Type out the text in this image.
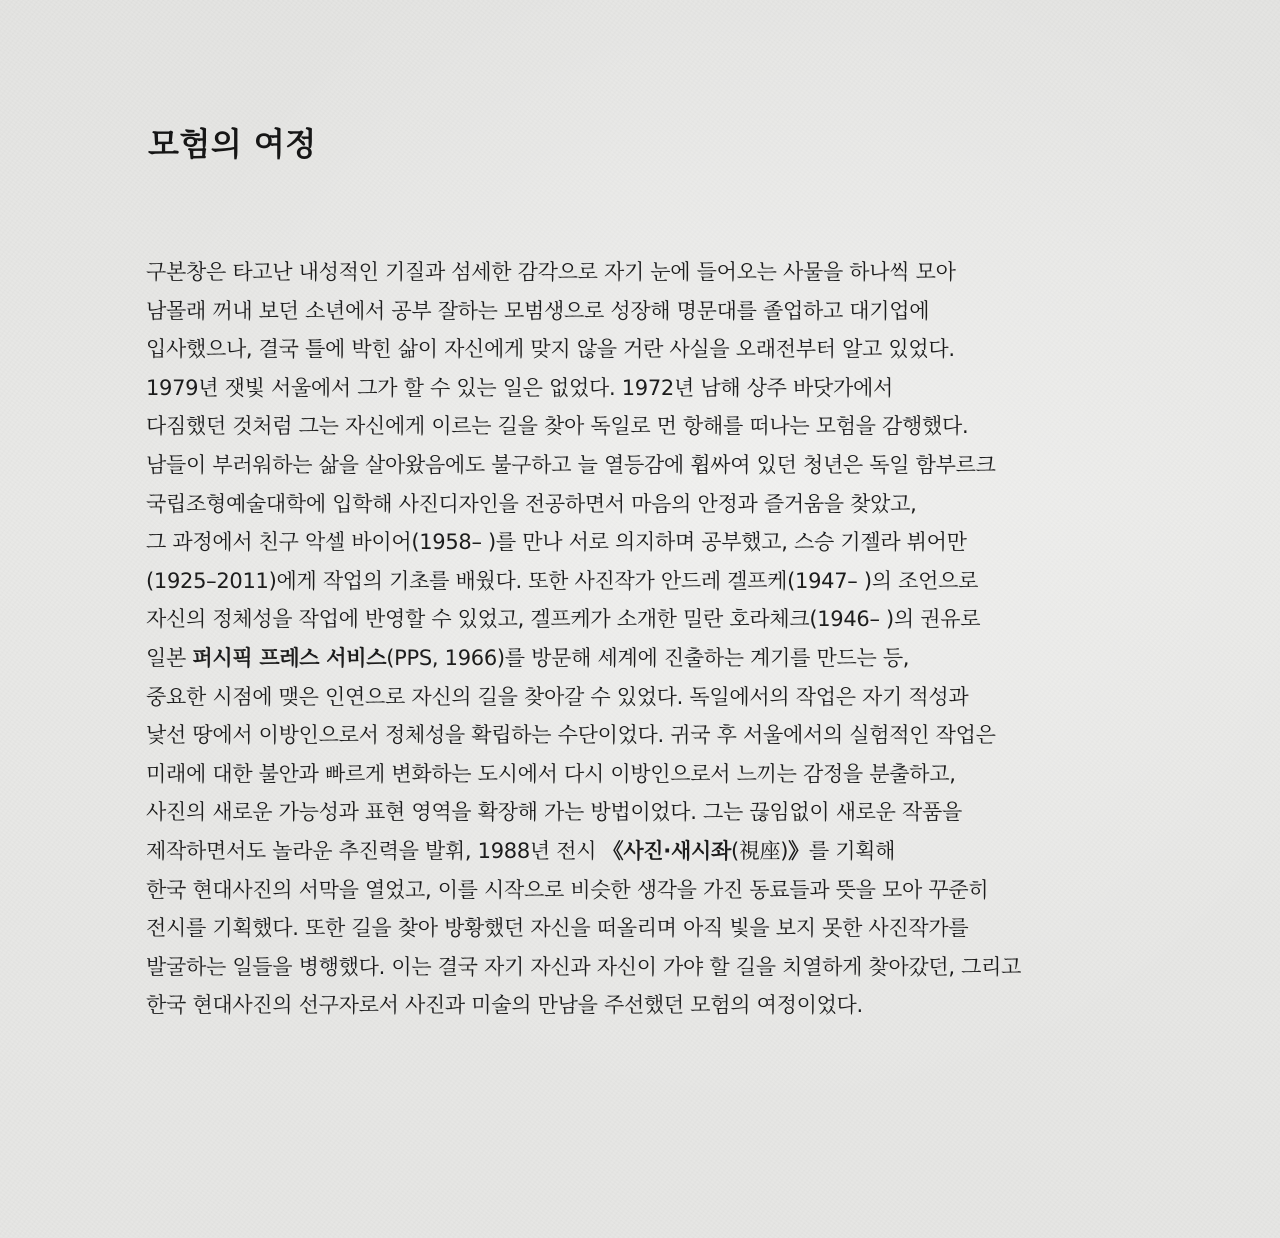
모험의 여정
구본창은 타고난 내성적인 기질과 섬세한 감각으로 자기 눈에 들어오는 사물을 하나씩 모아
남몰래 꺼내 보던 소년에서 공부 잘하는 모범생으로 성장해 명문대를 졸업하고 대기업에
입사했으나, 결국 틀에 박힌 삶이 자신에게 맞지 않을 거란 사실을 오래전부터 알고 있었다.
1979년 잿빛 서울에서 그가 할 수 있는 일은 없었다. 1972년 남해 상주 바닷가에서
다짐했던 것처럼 그는 자신에게 이르는 길을 찾아 독일로 먼 항해를 떠나는 모험을 감행했다.
남들이 부러워하는 삶을 살아왔음에도 불구하고 늘 열등감에 휩싸여 있던 청년은 독일 함부르크
국립조형예술대학에 입학해 사진디자인을 전공하면서 마음의 안정과 즐거움을 찾았고,
그 과정에서 친구 악셀 바이어(1958– )를 만나 서로 의지하며 공부했고, 스승 기젤라 뷔어만
(1925–2011)에게 작업의 기초를 배웠다. 또한 사진작가 안드레 겔프케(1947– )의 조언으로
자신의 정체성을 작업에 반영할 수 있었고, 겔프케가 소개한 밀란 호라체크(1946– )의 권유로
일본 퍼시픽 프레스 서비스(PPS, 1966)를 방문해 세계에 진출하는 계기를 만드는 등,
중요한 시점에 맺은 인연으로 자신의 길을 찾아갈 수 있었다. 독일에서의 작업은 자기 적성과
낯선 땅에서 이방인으로서 정체성을 확립하는 수단이었다. 귀국 후 서울에서의 실험적인 작업은
미래에 대한 불안과 빠르게 변화하는 도시에서 다시 이방인으로서 느끼는 감정을 분출하고,
사진의 새로운 가능성과 표현 영역을 확장해 가는 방법이었다. 그는 끊임없이 새로운 작품을
제작하면서도 놀라운 추진력을 발휘, 1988년 전시 《사진·새시좌(視座)》를 기획해
한국 현대사진의 서막을 열었고, 이를 시작으로 비슷한 생각을 가진 동료들과 뜻을 모아 꾸준히
전시를 기획했다. 또한 길을 찾아 방황했던 자신을 떠올리며 아직 빛을 보지 못한 사진작가를
발굴하는 일들을 병행했다. 이는 결국 자기 자신과 자신이 가야 할 길을 치열하게 찾아갔던, 그리고
한국 현대사진의 선구자로서 사진과 미술의 만남을 주선했던 모험의 여정이었다.
